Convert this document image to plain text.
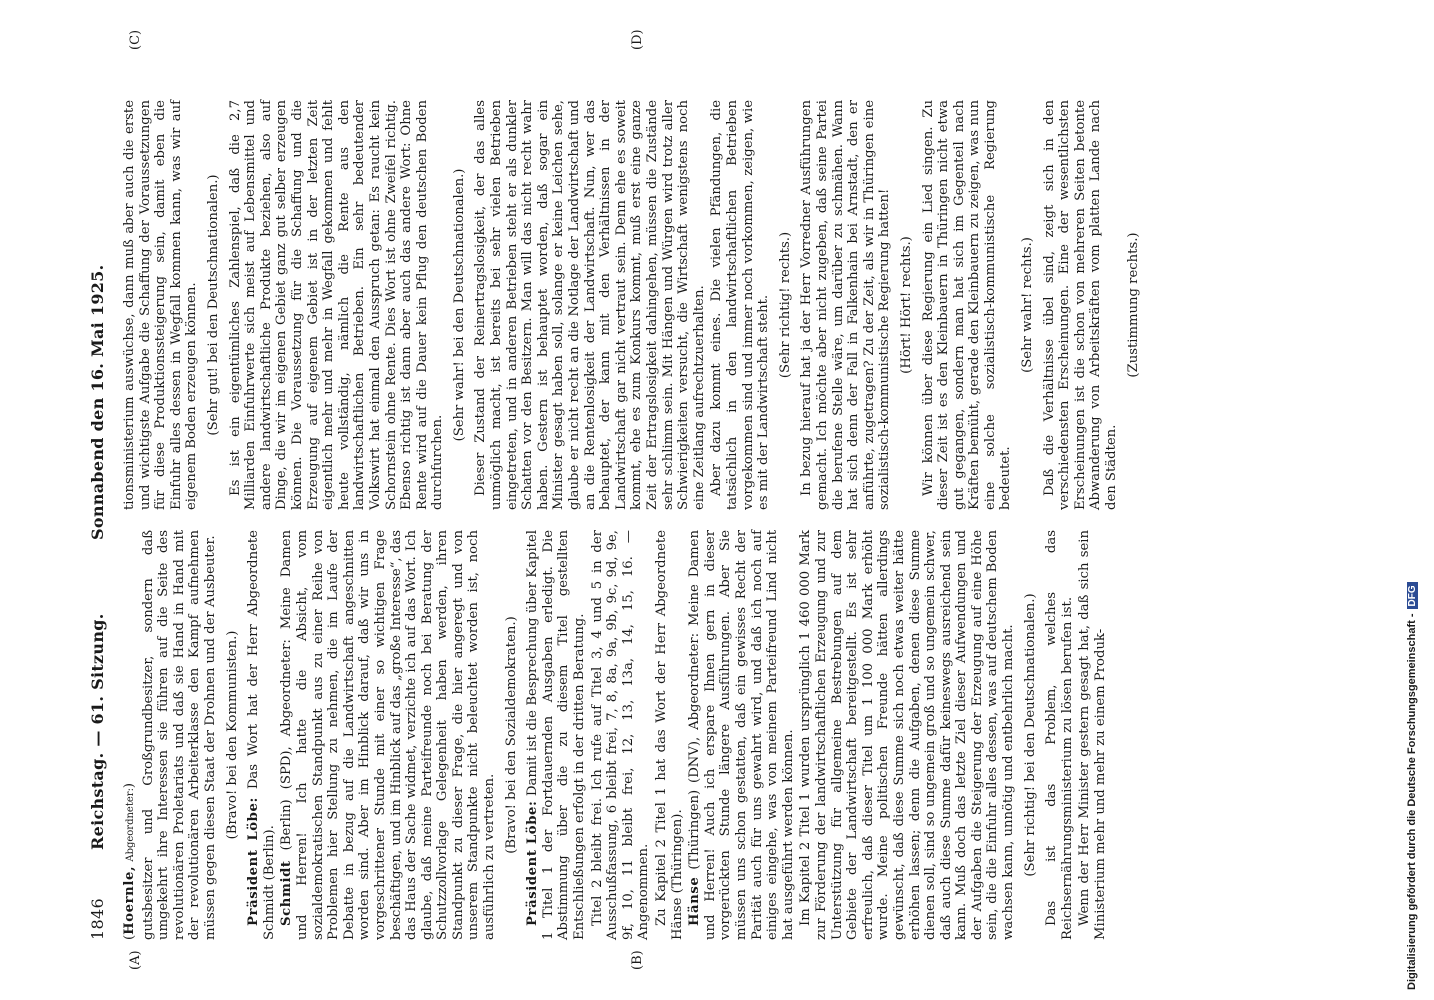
1846
Reichstag. — 61. Sitzung.
Sonnabend den 16. Mai 1925.
(A)	(B)
(C)	(D)

(Hoernle, Abgeordneter:) gutsbesitzer und Großgrundbesitzer, sondern daß umgekehrt ihre Interessen sie führen auf die Seite des revolutionären Proletariats und daß sie Hand in Hand mit der revolutionären Arbeiterklasse den Kampf aufnehmen müssen gegen diesen Staat der Drohnen und der Ausbeuter. (Bravo! bei den Kommunisten.)

Präsident Löbe: Das Wort hat der Herr Abgeordnete Schmidt (Berlin). Schmidt (Berlin) (SPD), Abgeordneter: Meine Damen und Herren! Ich hatte die Absicht, vom sozialdemokratischen Standpunkt aus zu einer Reihe von Problemen hier Stellung zu nehmen, die im Laufe der Debatte in bezug auf die Landwirtschaft angeschnitten worden sind. Aber im Hinblick darauf, daß wir uns in vorgeschrittener Stunde mit einer so wichtigen Frage beschäftigen, und im Hinblick auf das „große Interesse“, das das Haus der Sache widmet, verzichte ich auf das Wort. Ich glaube, daß meine Parteifreunde noch bei Beratung der Schutzzollvorlage Gelegenheit haben werden, ihren Standpunkt zu dieser Frage, die hier angeregt und von unserem Standpunkte nicht beleuchtet worden ist, noch ausführlich zu vertreten.

(Bravo! bei den Sozialdemokraten.)

Präsident Löbe: Damit ist die Besprechung über Kapitel 1 Titel 1 der Fortdauernden Ausgaben erledigt. Die Abstimmung über die zu diesem Titel gestellten Entschließungen erfolgt in der dritten Beratung. Titel 2 bleibt frei. Ich rufe auf Titel 3, 4 und 5 in der Ausschußfassung, 6 bleibt frei, 7, 8, 8a, 9a, 9b, 9c, 9d, 9e, 9f, 10, 11 bleibt frei, 12, 13, 13a, 14, 15, 16. — Angenommen. Zu Kapitel 2 Titel 1 hat das Wort der Herr Abgeordnete Hänse (Thüringen). Hänse (Thüringen) (DNV), Abgeordneter: Meine Damen und Herren! Auch ich erspare Ihnen gern in dieser vorgerückten Stunde längere Ausführungen. Aber Sie müssen uns schon gestatten, daß ein gewisses Recht der Parität auch für uns gewahrt wird, und daß ich noch auf einiges eingehe, was von meinem Parteifreund Lind nicht hat ausgeführt werden können. Im Kapitel 2 Titel 1 wurden ursprünglich 1 460 000 Mark zur Förderung der landwirtschaftlichen Erzeugung und zur Unterstützung für allgemeine Bestrebungen auf dem Gebiete der Landwirtschaft bereitgestellt. Es ist sehr erfreulich, daß dieser Titel um 1 100 000 Mark erhöht wurde. Meine politischen Freunde hätten allerdings gewünscht, daß diese Summe sich noch etwas weiter hätte erhöhen lassen; denn die Aufgaben, denen diese Summe dienen soll, sind so ungemein groß und so ungemein schwer, daß auch diese Summe dafür keineswegs ausreichend sein kann. Muß doch das letzte Ziel dieser Aufwendungen und der Aufgaben die Steigerung der Erzeugung auf eine Höhe sein, die die Einfuhr alles dessen, was auf deutschem Boden wachsen kann, unnötig und entbehrlich macht. (Sehr richtig! bei den Deutschnationalen.) Das ist das Problem, welches das Reichsernährungsministerium zu lösen berufen ist. Wenn der Herr Minister gestern gesagt hat, daß sich sein Ministerium mehr und mehr zu einem Produk-

tionsministerium auswüchse, dann muß aber auch die erste und wichtigste Aufgabe die Schaffung der Voraussetzungen für diese Produktionssteigerung sein, damit eben die Einfuhr alles dessen in Wegfall kommen kann, was wir auf eigenem Boden erzeugen können. (Sehr gut! bei den Deutschnationalen.) Es ist ein eigentümliches Zahlenspiel, daß die 2,7 Milliarden Einfuhrwerte sich meist auf Lebensmittel und andere landwirtschaftliche Produkte beziehen, also auf Dinge, die wir im eigenen Gebiet ganz gut selber erzeugen können. Die Voraussetzung für die Schaffung und die Erzeugung auf eigenem Gebiet ist in der letzten Zeit eigentlich mehr und mehr in Wegfall gekommen und fehlt heute vollständig, nämlich die Rente aus den landwirtschaftlichen Betrieben. Ein sehr bedeutender Volkswirt hat einmal den Ausspruch getan: Es raucht kein Schornstein ohne Rente. Dies Wort ist ohne Zweifel richtig. Ebenso richtig ist dann aber auch das andere Wort: Ohne Rente wird auf die Dauer kein Pflug den deutschen Boden durchfurchen.

(Sehr wahr! bei den Deutschnationalen.) Dieser Zustand der Reinertragslosigkeit, der das alles unmöglich macht, ist bereits bei sehr vielen Betrieben eingetreten, und in anderen Betrieben steht er als dunkler Schatten vor den Besitzern. Man will das nicht recht wahr haben. Gestern ist behauptet worden, daß sogar ein Minister gesagt haben soll, solange er keine Leichen sehe, glaube er nicht recht an die Notlage der Landwirtschaft und an die Rentenlosigkeit der Landwirtschaft. Nun, wer das behauptet, der kann mit den Verhältnissen in der Landwirtschaft gar nicht vertraut sein. Denn ehe es soweit kommt, ehe es zum Konkurs kommt, muß erst eine ganze Zeit der Ertragslosigkeit dahingehen, müssen die Zustände sehr schlimm sein. Mit Hängen und Würgen wird trotz aller Schwierigkeiten versucht, die Wirtschaft wenigstens noch eine Zeitlang aufrechtzuerhalten. Aber dazu kommt eines. Die vielen Pfändungen, die tatsächlich in den landwirtschaftlichen Betrieben vorgekommen sind und immer noch vorkommen, zeigen, wie es mit der Landwirtschaft steht. (Sehr richtig! rechts.) In bezug hierauf hat ja der Herr Vorredner Ausführungen gemacht. Ich möchte aber nicht zugeben, daß seine Partei die berufene Stelle wäre, um darüber zu schmähen. Wann hat sich denn der Fall in Falkenhain bei Arnstadt, den er anführte, zugetragen? Zu der Zeit, als wir in Thüringen eine sozialistisch-kommunistische Regierung hatten! (Hört! Hört! rechts.) Wir können über diese Regierung ein Lied singen. Zu dieser Zeit ist es den Kleinbauern in Thüringen nicht etwa gut gegangen, sondern man hat sich im Gegenteil nach Kräften bemüht, gerade den Kleinbauern zu zeigen, was nun eine solche sozialistisch-kommunistische Regierung bedeutet.

(Sehr wahr! rechts.) Daß die Verhältnisse übel sind, zeigt sich in den verschiedensten Erscheinungen. Eine der wesentlichsten Erscheinungen ist die schon von mehreren Seiten betonte Abwanderung von Arbeitskräften vom platten Lande nach den Städten.

(Zustimmung rechts.)

Digitalisierung gefördert durch die Deutsche Forschungsgemeinschaft -DFG
